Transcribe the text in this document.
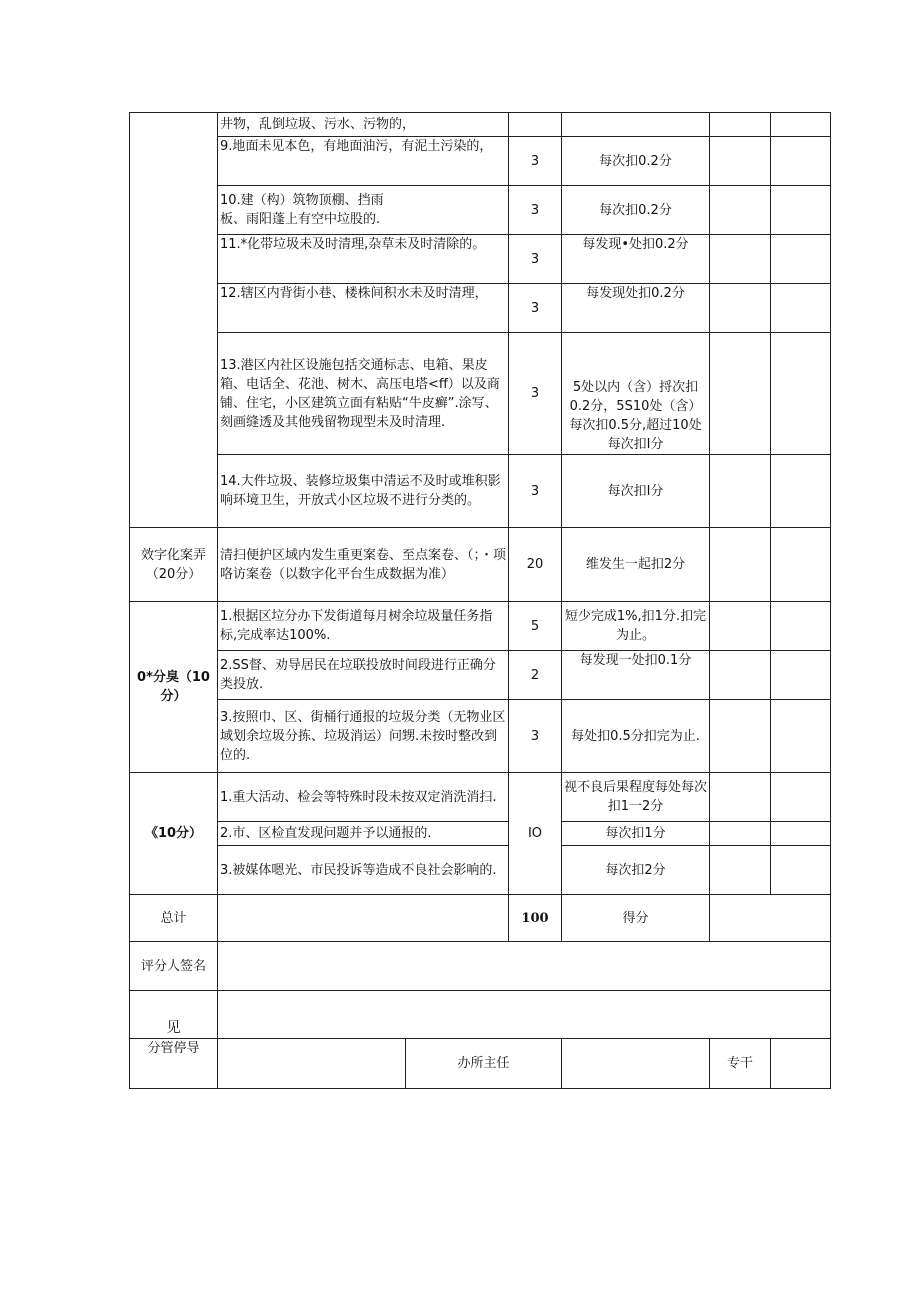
	井物，乱倒垃圾、污水、污物的，					
	9.地面未见本色，有地面油污，有泥土污染的，		3	每次扣0.2分		
	10.建（构）筑物顶棚、挡雨板、雨阳蓬上有空中垃股的.		3	每次扣0.2分		
	11.*化带垃圾未及时清理,杂草未及时清除的。		3	每发现•处扣0.2分		
	12.辖区内背街小巷、楼株间积水未及时清理，		3	每发现处扣0.2分		
	13.港区内社区设施包括交通标志、电箱、果皮箱、电话全、花池、树木、高压电塔<ff）以及商铺、住宅，小区建筑立面有粘贴“牛皮癣”.涂写、刻画缝透及其他残留物现型未及时清理.		3	5处以内（含）捋次扣0.2分，5S10处（含）每次扣0.5分,超过10处每次扣I分		
	14.大件垃圾、装修垃圾集中清运不及时或堆积影响环境卫生，开放式小区垃圾不进行分类的。		3	每次扣I分		
效字化案弄（20分）	清扫便护区域内发生重更案卷、至点案卷、（；・项咯访案卷（以数字化平台生成数据为准）		20	维发生一起扣2分		
0*分臭（10分）	1.根据区垃分办下发街道每月树余垃圾量任务指标,完成率达100%.		5	短少完成1%,扣1分.扣完为止。		
	2.SS督、劝导居民在垃联投放时间段进行正确分类投放.		2	每发现一处扣0.1分		
	3.按照巾、区、街桶行通报的垃圾分类（无物业区域划余垃圾分拣、垃圾消运）问甥.未按时整改到位的.		3	每处扣0.5分扣完为止.		
《10分）	1.重大活动、检会等特殊时段未按双定消洗消扫.		IO	视不良后果程度每处每次扣1一2分		
	2.市、区检直发现问题并予以通报的.			每次扣1分		
	3.被媒体嗯光、市民投诉等造成不良社会影响的.			每次扣2分		
总计			100	得分		
评分人签名						
见						
分管停导		办所主任			专干	
